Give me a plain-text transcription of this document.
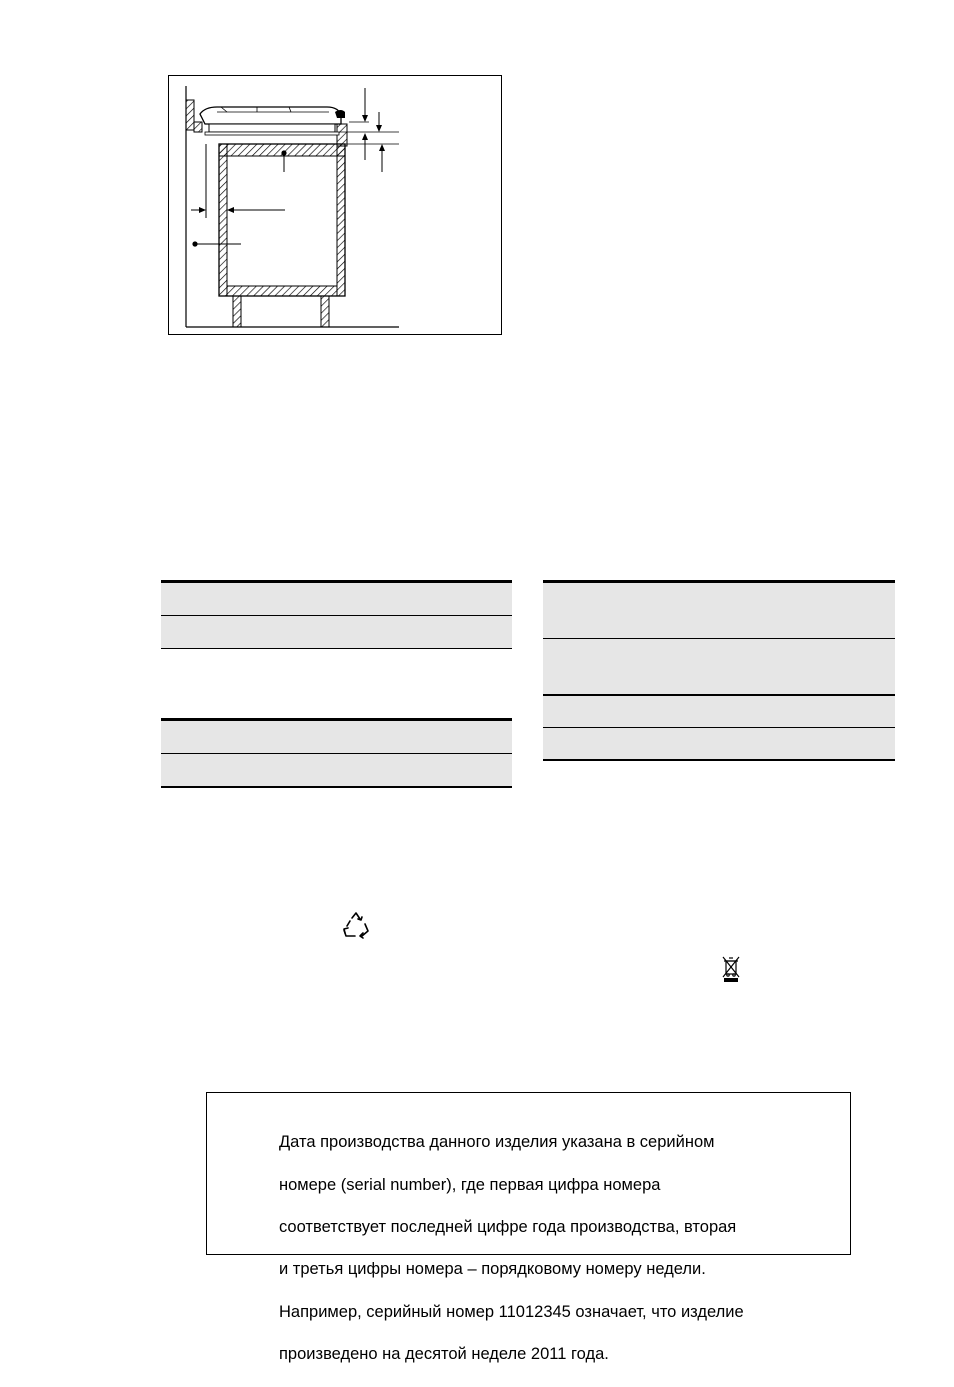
Дата производства данного изделия указана в серийном

номере (serial number), где первая цифра номера

соответствует последней цифре года производства, вторая

и третья цифры номера – порядковому номеру недели.

Например, серийный номер 11012345 означает, что изделие

произведено на десятой неделе 2011 года.
